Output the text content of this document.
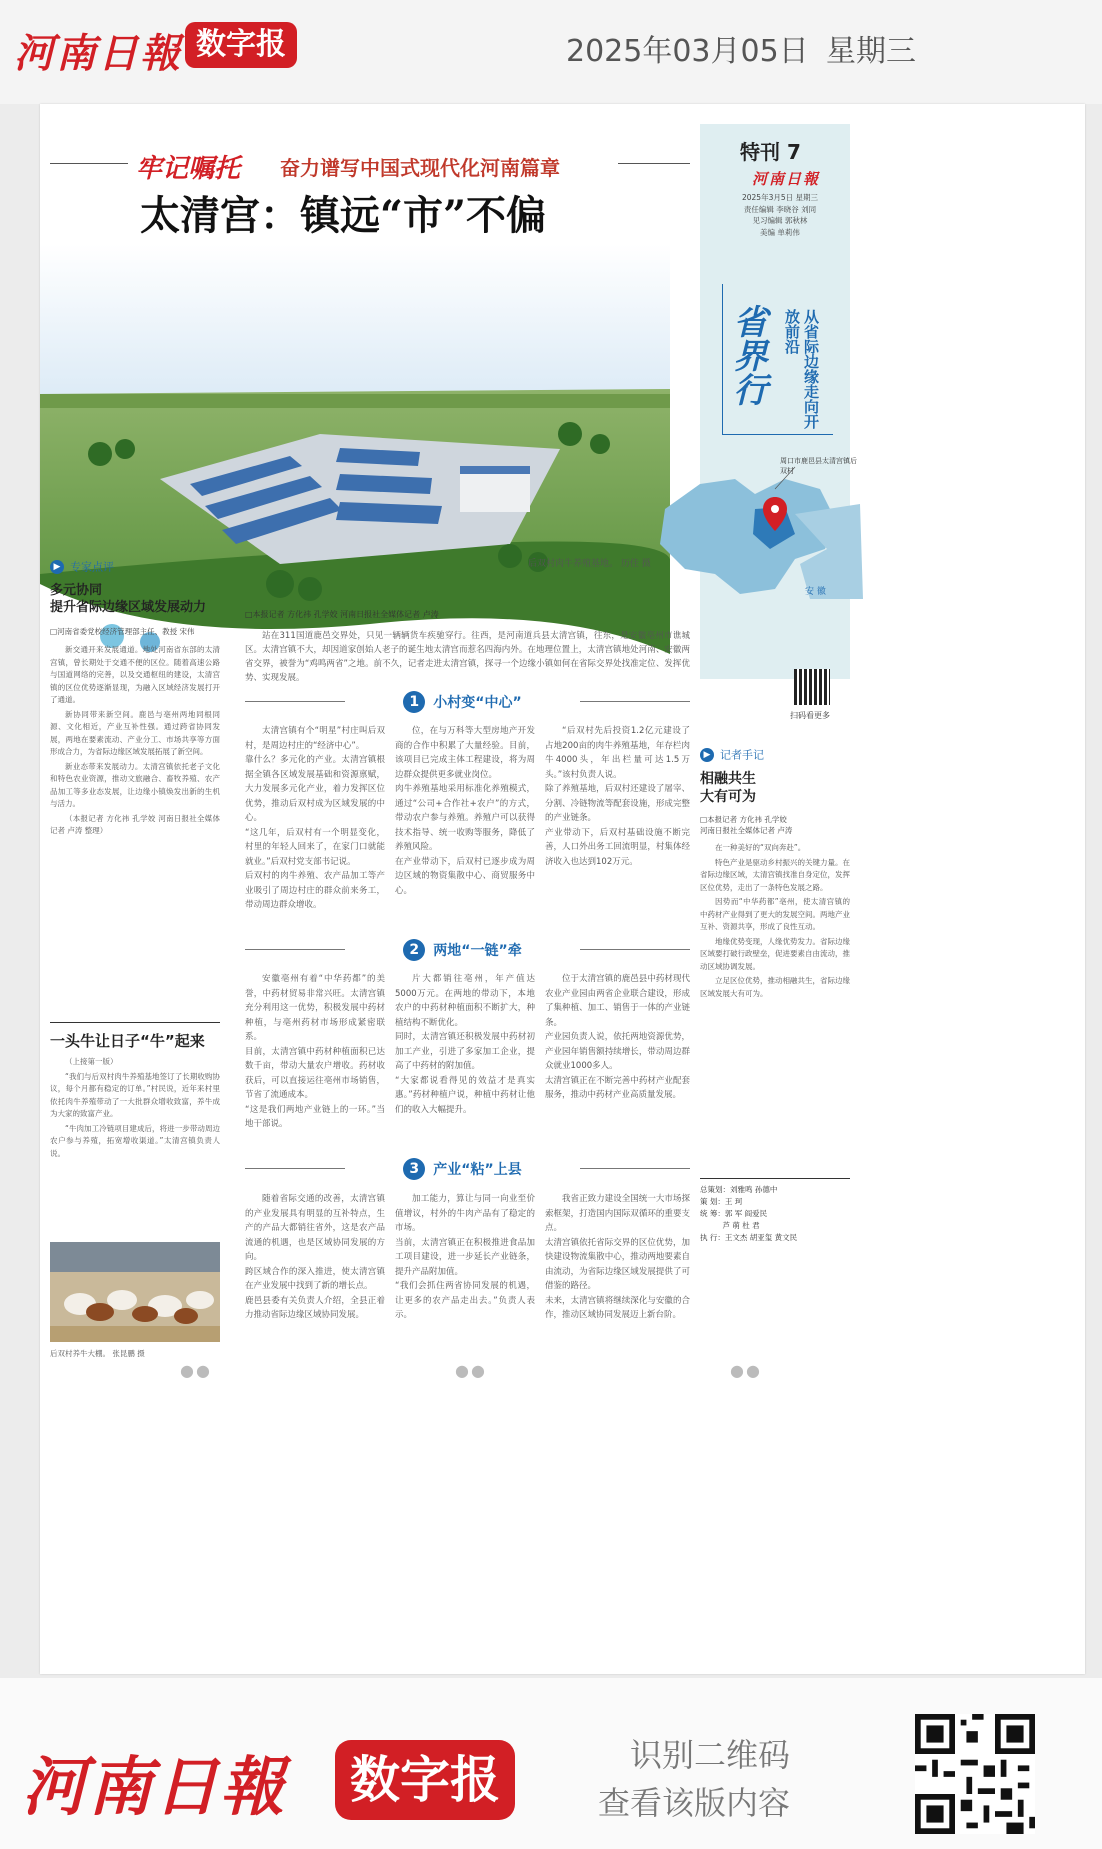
河南日報 数字报	2025年03月05日 星期三
牢记嘱托 奋力谱写中国式现代化河南篇章
太清宫：镇远“市”不偏
后双村肉牛养殖基地。 历佳 摄
特刊 7
河南日報
2025年3月5日 星期三
责任编辑 李晓谷 刘同
见习编辑 郭秋林
美编 单莉伟
省界行	从省际边缘走向开放前沿
周口市鹿邑县太清宫镇后双村
安 徽
扫码看更多
▶ 专家点评
多元协同
提升省际边缘区域发展动力
□河南省委党校经济管理部主任、教授 宋伟

新交通开来发展通道。地处河南省东部的太清宫镇，曾长期处于交通不便的区位。随着高速公路与国道网络的完善，以及交通枢纽的建设，太清宫镇的区位优势逐渐显现，为融入区域经济发展打开了通道。

新协同带来新空间。鹿邑与亳州两地同根同源、文化相近，产业互补性强。通过跨省协同发展，两地在要素流动、产业分工、市场共享等方面形成合力，为省际边缘区域发展拓展了新空间。

新业态带来发展动力。太清宫镇依托老子文化和特色农业资源，推动文旅融合、畜牧养殖、农产品加工等多业态发展，让边缘小镇焕发出新的生机与活力。

（本报记者 方化祎 孔学姣 河南日报社全媒体记者 卢涛 整理）

一头牛让日子“牛”起来

（上接第一版）

“我们与后双村肉牛养殖基地签订了长期收购协议，每个月都有稳定的订单。”村民说，近年来村里依托肉牛养殖带动了一大批群众增收致富，养牛成为大家的致富产业。

“牛肉加工冷链项目建成后，将进一步带动周边农户参与养殖，拓宽增收渠道。”太清宫镇负责人说。

后双村养牛大棚。 张昆鹏 摄
□本报记者 方化祎 孔学姣 河南日报社全媒体记者 卢涛
站在311国道鹿邑交界处，只见一辆辆货车疾驰穿行。往西，是河南道兵县太清宫镇，往东，是安徽亳州市谯城区。太清宫镇不大，却因道家创始人老子的诞生地太清宫而惹名四海内外。在地理位置上，太清宫镇地处河南、安徽两省交界，被誉为“鸡鸣两省”之地。前不久，记者走进太清宫镇，探寻一个边缘小镇如何在省际交界处找准定位、发挥优势、实现发展。
1	小村变“中心”
太清宫镇有个“明星”村庄叫后双村，是周边村庄的“经济中心”。
靠什么？多元化的产业。太清宫镇根据全镇各区域发展基础和资源禀赋，大力发展多元化产业，着力发挥区位优势，推动后双村成为区域发展的中心。
“这几年，后双村有一个明显变化，村里的年轻人回来了，在家门口就能就业。”后双村党支部书记说。
后双村的肉牛养殖、农产品加工等产业吸引了周边村庄的群众前来务工，带动周边群众增收。
位，在与万科等大型房地产开发商的合作中积累了大量经验。目前，该项目已完成主体工程建设，将为周边群众提供更多就业岗位。
肉牛养殖基地采用标准化养殖模式，通过“公司+合作社+农户”的方式，带动农户参与养殖。养殖户可以获得技术指导、统一收购等服务，降低了养殖风险。
在产业带动下，后双村已逐步成为周边区域的物资集散中心、商贸服务中心。
“后双村先后投资1.2亿元建设了占地200亩的肉牛养殖基地，年存栏肉牛4000头，年出栏量可达1.5万头。”该村负责人说。
除了养殖基地，后双村还建设了屠宰、分割、冷链物流等配套设施，形成完整的产业链条。
产业带动下，后双村基础设施不断完善，人口外出务工回流明显，村集体经济收入也达到102万元。
2	两地“一链”牵
安徽亳州有着“中华药都”的美誉，中药材贸易非常兴旺。太清宫镇充分利用这一优势，积极发展中药材种植，与亳州药材市场形成紧密联系。
目前，太清宫镇中药材种植面积已达数千亩，带动大量农户增收。药材收获后，可以直接运往亳州市场销售，节省了流通成本。
“这是我们两地产业链上的一环。”当地干部说。
片大都销往亳州，年产值达5000万元。在两地的带动下，本地农户的中药材种植面积不断扩大，种植结构不断优化。
同时，太清宫镇还积极发展中药材初加工产业，引进了多家加工企业，提高了中药材的附加值。
“大家都说看得见的效益才是真实惠。”药材种植户说，种植中药材让他们的收入大幅提升。
位于太清宫镇的鹿邑县中药材现代农业产业园由两省企业联合建设，形成了集种植、加工、销售于一体的产业链条。
产业园负责人说，依托两地资源优势，产业园年销售额持续增长，带动周边群众就业1000多人。
太清宫镇正在不断完善中药材产业配套服务，推动中药材产业高质量发展。
3	产业“粘”上县
随着省际交通的改善，太清宫镇的产业发展具有明显的互补特点，生产的产品大都销往省外，这是农产品流通的机遇，也是区域协同发展的方向。
跨区域合作的深入推进，使太清宫镇在产业发展中找到了新的增长点。
鹿邑县委有关负责人介绍，全县正着力推动省际边缘区域协同发展。
加工能力，算让与同一向业至价值增议，村外的牛肉产品有了稳定的市场。
当前，太清宫镇正在积极推进食品加工项目建设，进一步延长产业链条，提升产品附加值。
“我们会抓住两省协同发展的机遇，让更多的农产品走出去。”负责人表示。
我省正致力建设全国统一大市场探索框架，打造国内国际双循环的重要支点。
太清宫镇依托省际交界的区位优势，加快建设物流集散中心，推动两地要素自由流动，为省际边缘区域发展提供了可借鉴的路径。
未来，太清宫镇将继续深化与安徽的合作，推动区域协同发展迈上新台阶。
▶ 记者手记
相融共生
大有可为
□本报记者 方化祎 孔学姣
河南日报社全媒体记者 卢涛

在一种美好的“双向奔赴”。

特色产业是驱动乡村振兴的关键力量。在省际边缘区域，太清宫镇找准自身定位，发挥区位优势，走出了一条特色发展之路。

因势而“中华药都”亳州，使太清宫镇的中药材产业得到了更大的发展空间。两地产业互补、资源共享，形成了良性互动。

地缘优势变现，人缘优势发力。省际边缘区域要打破行政壁垒，促进要素自由流动，推动区域协调发展。

立足区位优势，推动相融共生，省际边缘区域发展大有可为。

总策划：刘雅鸣 孙德中
策 划：王 珂
统 筹：郭 军 阎爱民
　　　芦 萌 杜 君
执 行：王文杰 胡亚玺 黄文民
●●	●●	●●
河南日報	数字报	识别二维码
查看该版内容
